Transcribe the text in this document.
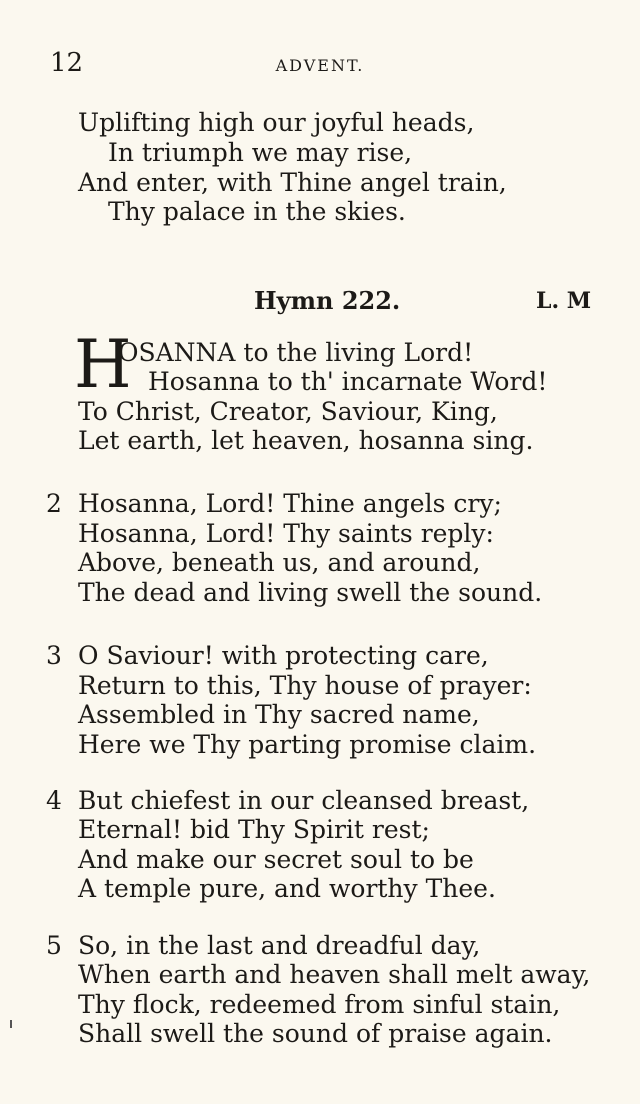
12	ADVENT.
Uplifting high our joyful heads,
In triumph we may rise,
And enter, with Thine angel train,
Thy palace in the skies.
Hymn 222.	L. M
H
OSANNA to the living Lord!
Hosanna to th' incarnate Word!
To Christ, Creator, Saviour, King,
Let earth, let heaven, hosanna sing.
2 Hosanna, Lord! Thine angels cry;
Hosanna, Lord! Thy saints reply:
Above, beneath us, and around,
The dead and living swell the sound.
3 O Saviour! with protecting care,
Return to this, Thy house of prayer:
Assembled in Thy sacred name,
Here we Thy parting promise claim.
4 But chiefest in our cleansed breast,
Eternal! bid Thy Spirit rest;
And make our secret soul to be
A temple pure, and worthy Thee.
5 So, in the last and dreadful day,
When earth and heaven shall melt away,
Thy flock, redeemed from sinful stain,
Shall swell the sound of praise again.
